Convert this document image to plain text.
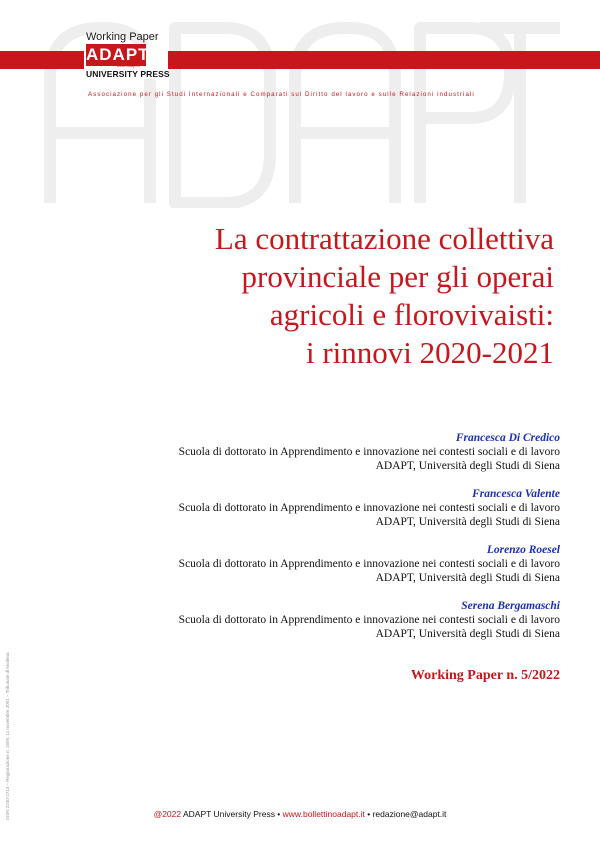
Working Paper
ADAPT
www.adapt.it
UNIVERSITY PRESS
Associazione per gli Studi Internazionali e Comparati sul Diritto del lavoro e sulle Relazioni industriali
La contrattazione collettiva
provinciale per gli operai
agricoli e florovivaisti:
i rinnovi 2020-2021
Francesca Di Credico
Scuola di dottorato in Apprendimento e innovazione nei contesti sociali e di lavoro
ADAPT, Università degli Studi di Siena
Francesca Valente
Scuola di dottorato in Apprendimento e innovazione nei contesti sociali e di lavoro
ADAPT, Università degli Studi di Siena
Lorenzo Roesel
Scuola di dottorato in Apprendimento e innovazione nei contesti sociali e di lavoro
ADAPT, Università degli Studi di Siena
Serena Bergamaschi
Scuola di dottorato in Apprendimento e innovazione nei contesti sociali e di lavoro
ADAPT, Università degli Studi di Siena
Working Paper n. 5/2022
ISSN 2240-2713 – Registrazione n. 1609, 11 novembre 2001 – Tribunale di Modena	@2022 ADAPT University Press • www.bollettinoadapt.it • redazione@adapt.it
